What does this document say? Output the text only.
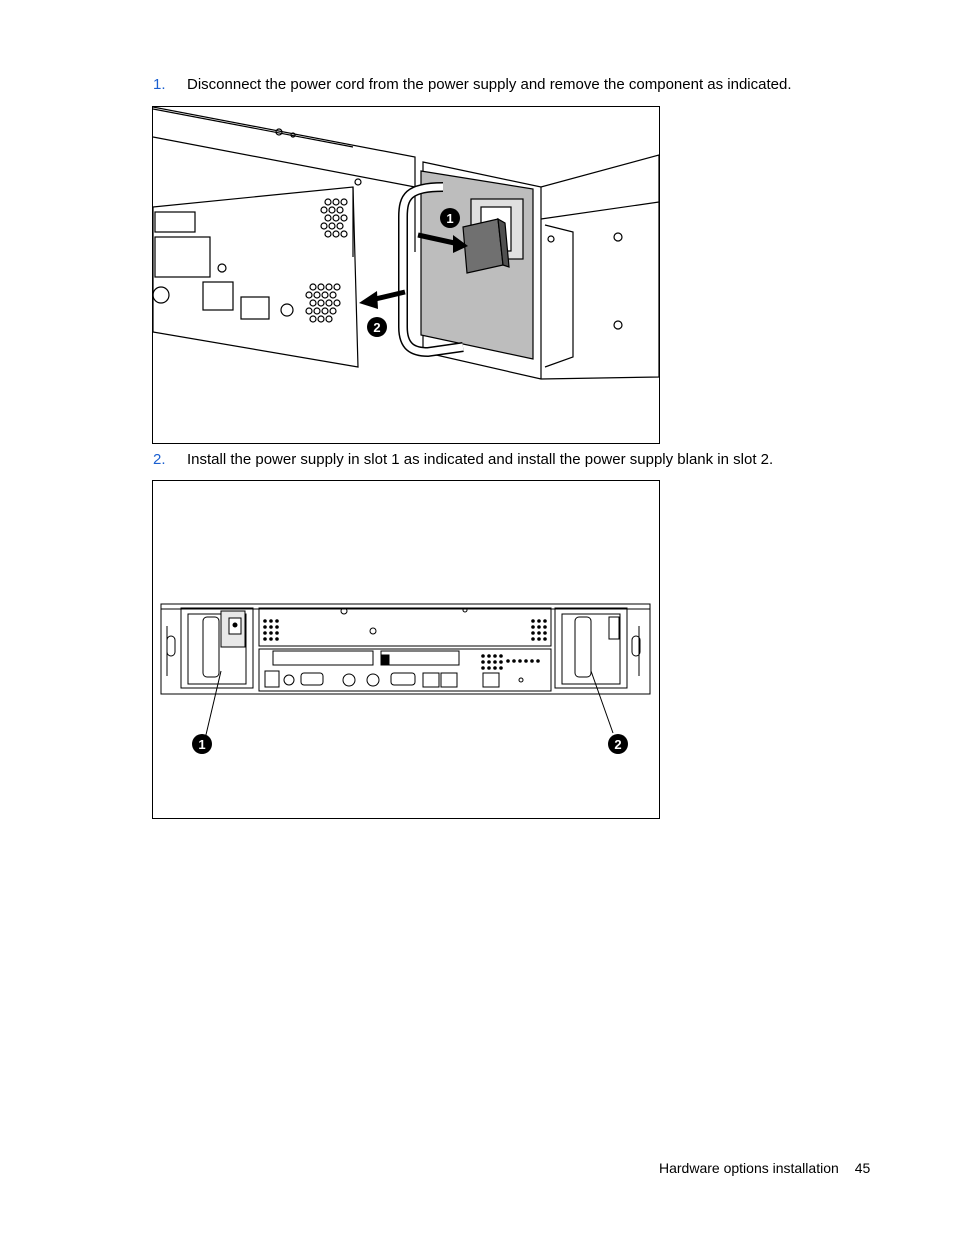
1.	Disconnect the power cord from the power supply and remove the component as indicated.
1
2
2.	Install the power supply in slot 1 as indicated and install the power supply blank in slot 2.
1	2
Hardware options installation 45
